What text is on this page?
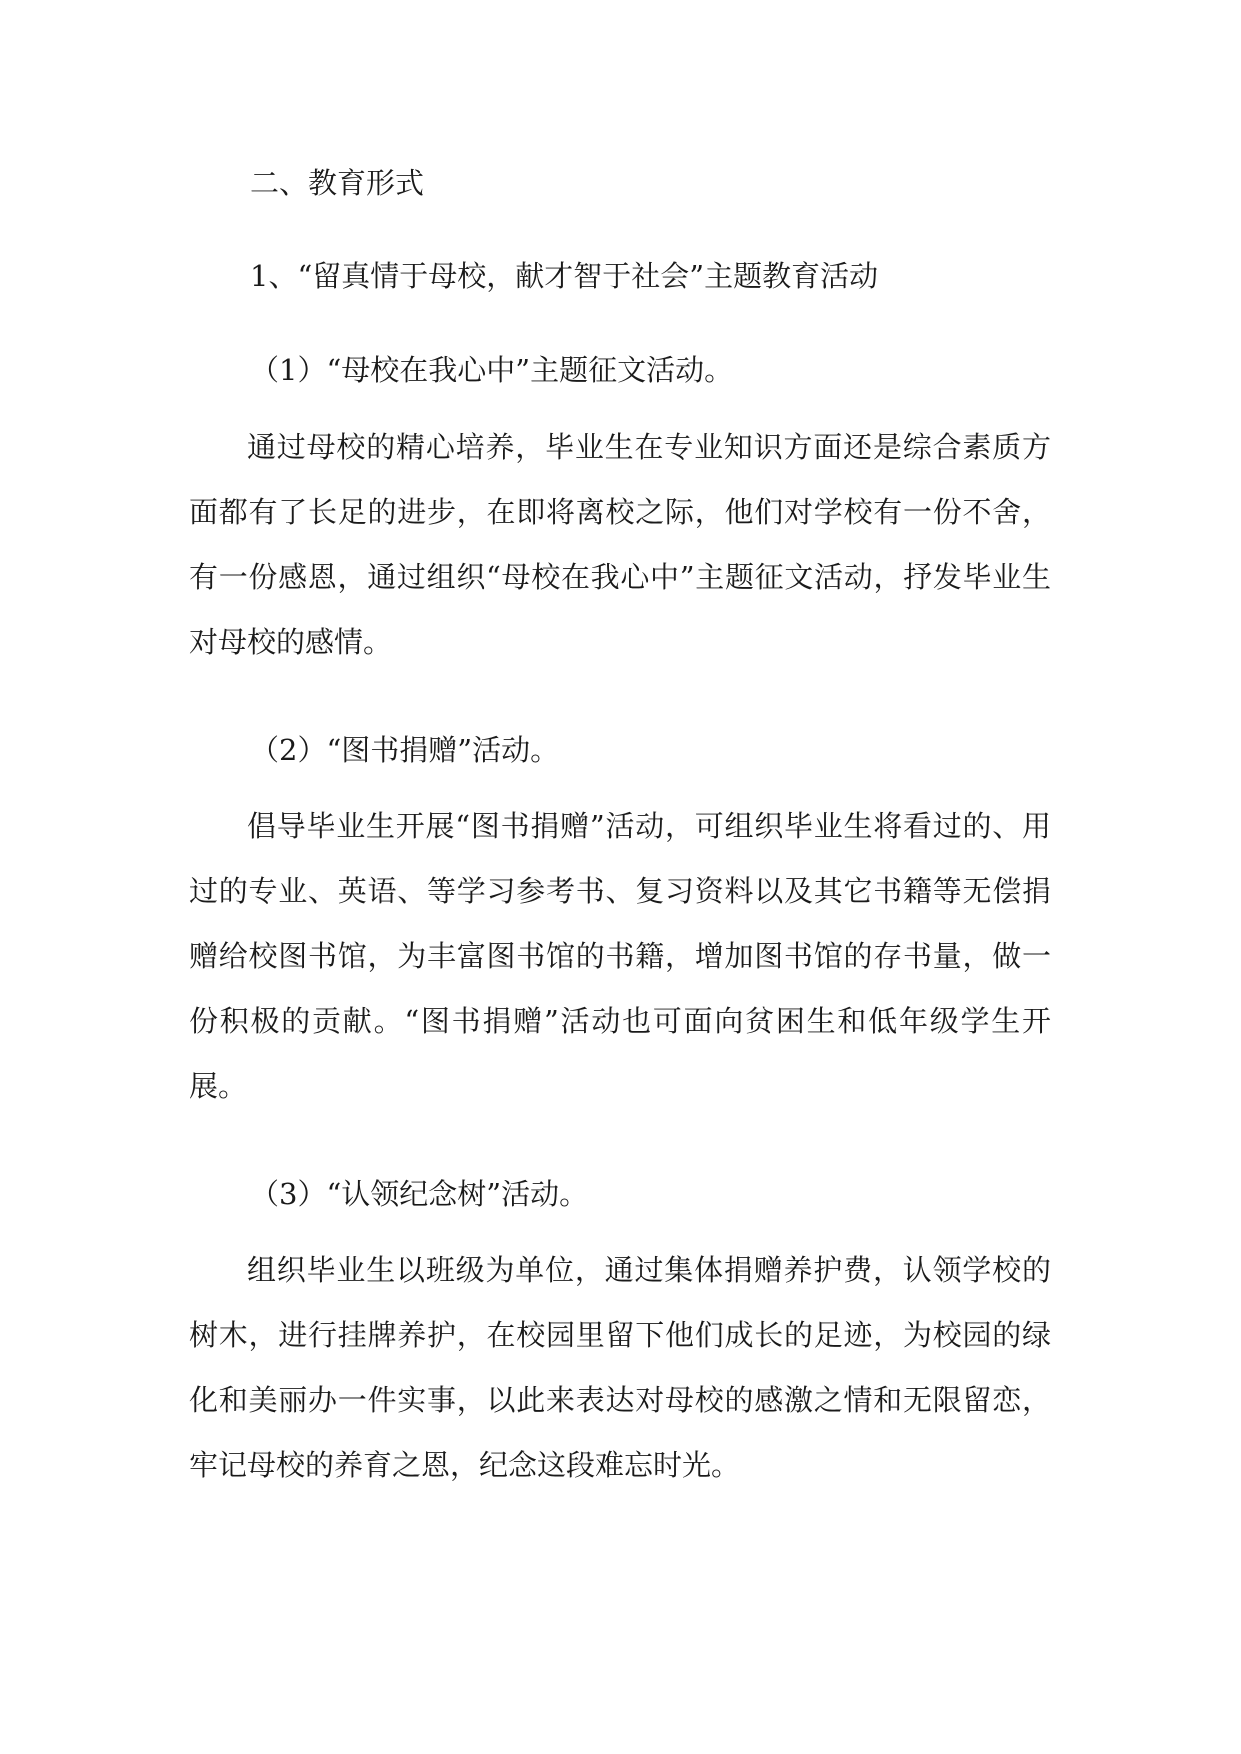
二、教育形式

1、“留真情于母校，献才智于社会”主题教育活动

（1）“母校在我心中”主题征文活动。

通过母校的精心培养，毕业生在专业知识方面还是综合素质方面都有了长足的进步，在即将离校之际，他们对学校有一份不舍，有一份感恩，通过组织“母校在我心中”主题征文活动，抒发毕业生对母校的感情。

（2）“图书捐赠”活动。

倡导毕业生开展“图书捐赠”活动，可组织毕业生将看过的、用过的专业、英语、等学习参考书、复习资料以及其它书籍等无偿捐赠给校图书馆，为丰富图书馆的书籍，增加图书馆的存书量，做一份积极的贡献。“图书捐赠”活动也可面向贫困生和低年级学生开展。

（3）“认领纪念树”活动。

组织毕业生以班级为单位，通过集体捐赠养护费，认领学校的树木，进行挂牌养护，在校园里留下他们成长的足迹，为校园的绿化和美丽办一件实事，以此来表达对母校的感激之情和无限留恋，牢记母校的养育之恩，纪念这段难忘时光。
